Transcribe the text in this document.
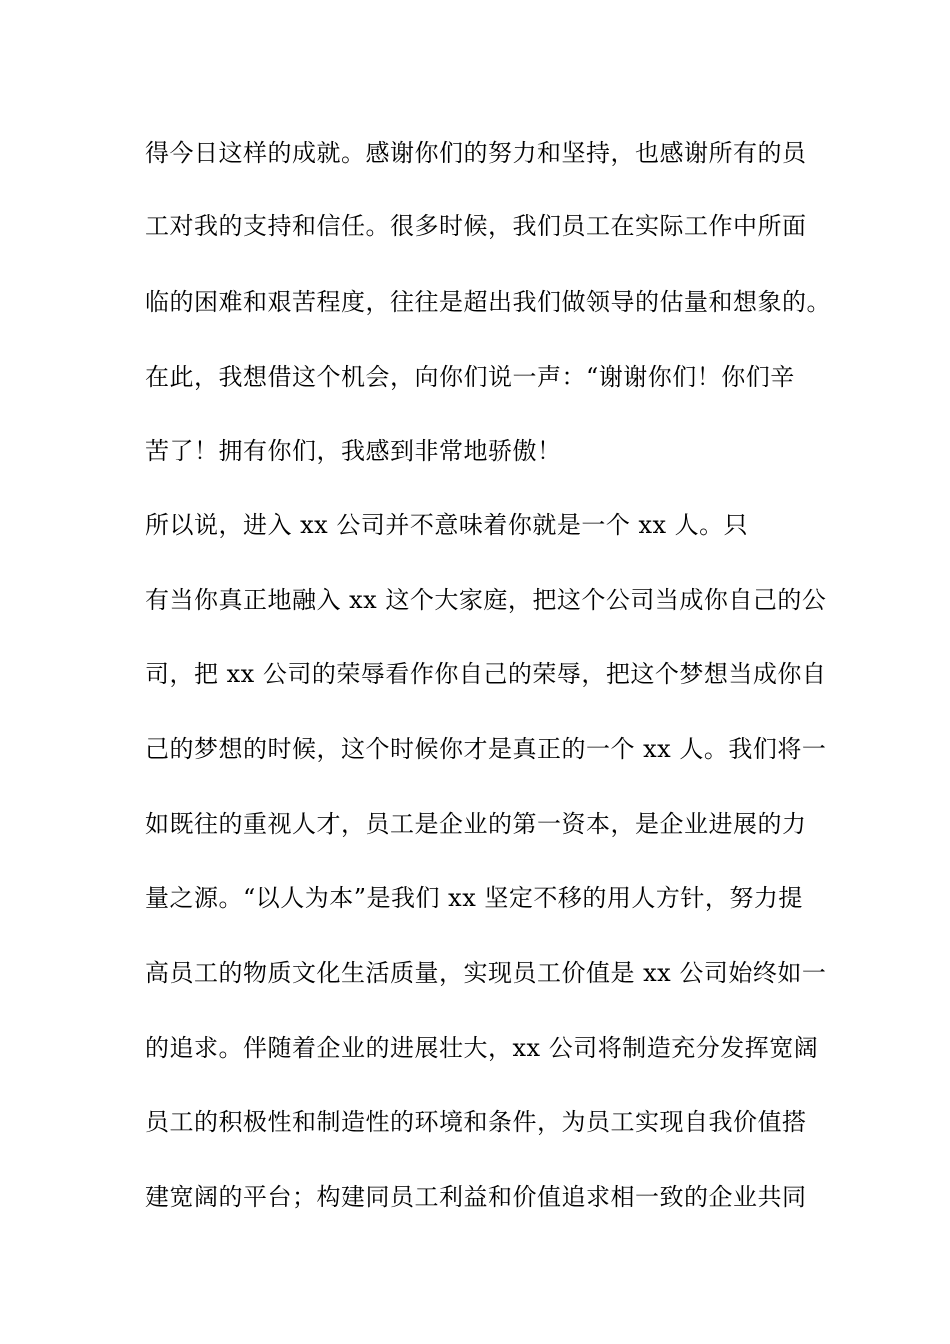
得今日这样的成就。感谢你们的努力和坚持，也感谢所有的员
工对我的支持和信任。很多时候，我们员工在实际工作中所面
临的困难和艰苦程度，往往是超出我们做领导的估量和想象的。
在此，我想借这个机会，向你们说一声：“谢谢你们！你们辛
苦了！拥有你们，我感到非常地骄傲！
所以说，进入 xx 公司并不意味着你就是一个 xx 人。只
有当你真正地融入 xx 这个大家庭，把这个公司当成你自己的公
司，把 xx 公司的荣辱看作你自己的荣辱，把这个梦想当成你自
己的梦想的时候，这个时候你才是真正的一个 xx 人。我们将一
如既往的重视人才，员工是企业的第一资本，是企业进展的力
量之源。“以人为本”是我们 xx 坚定不移的用人方针，努力提
高员工的物质文化生活质量，实现员工价值是 xx 公司始终如一
的追求。伴随着企业的进展壮大，xx 公司将制造充分发挥宽阔
员工的积极性和制造性的环境和条件，为员工实现自我价值搭
建宽阔的平台；构建同员工利益和价值追求相一致的企业共同
